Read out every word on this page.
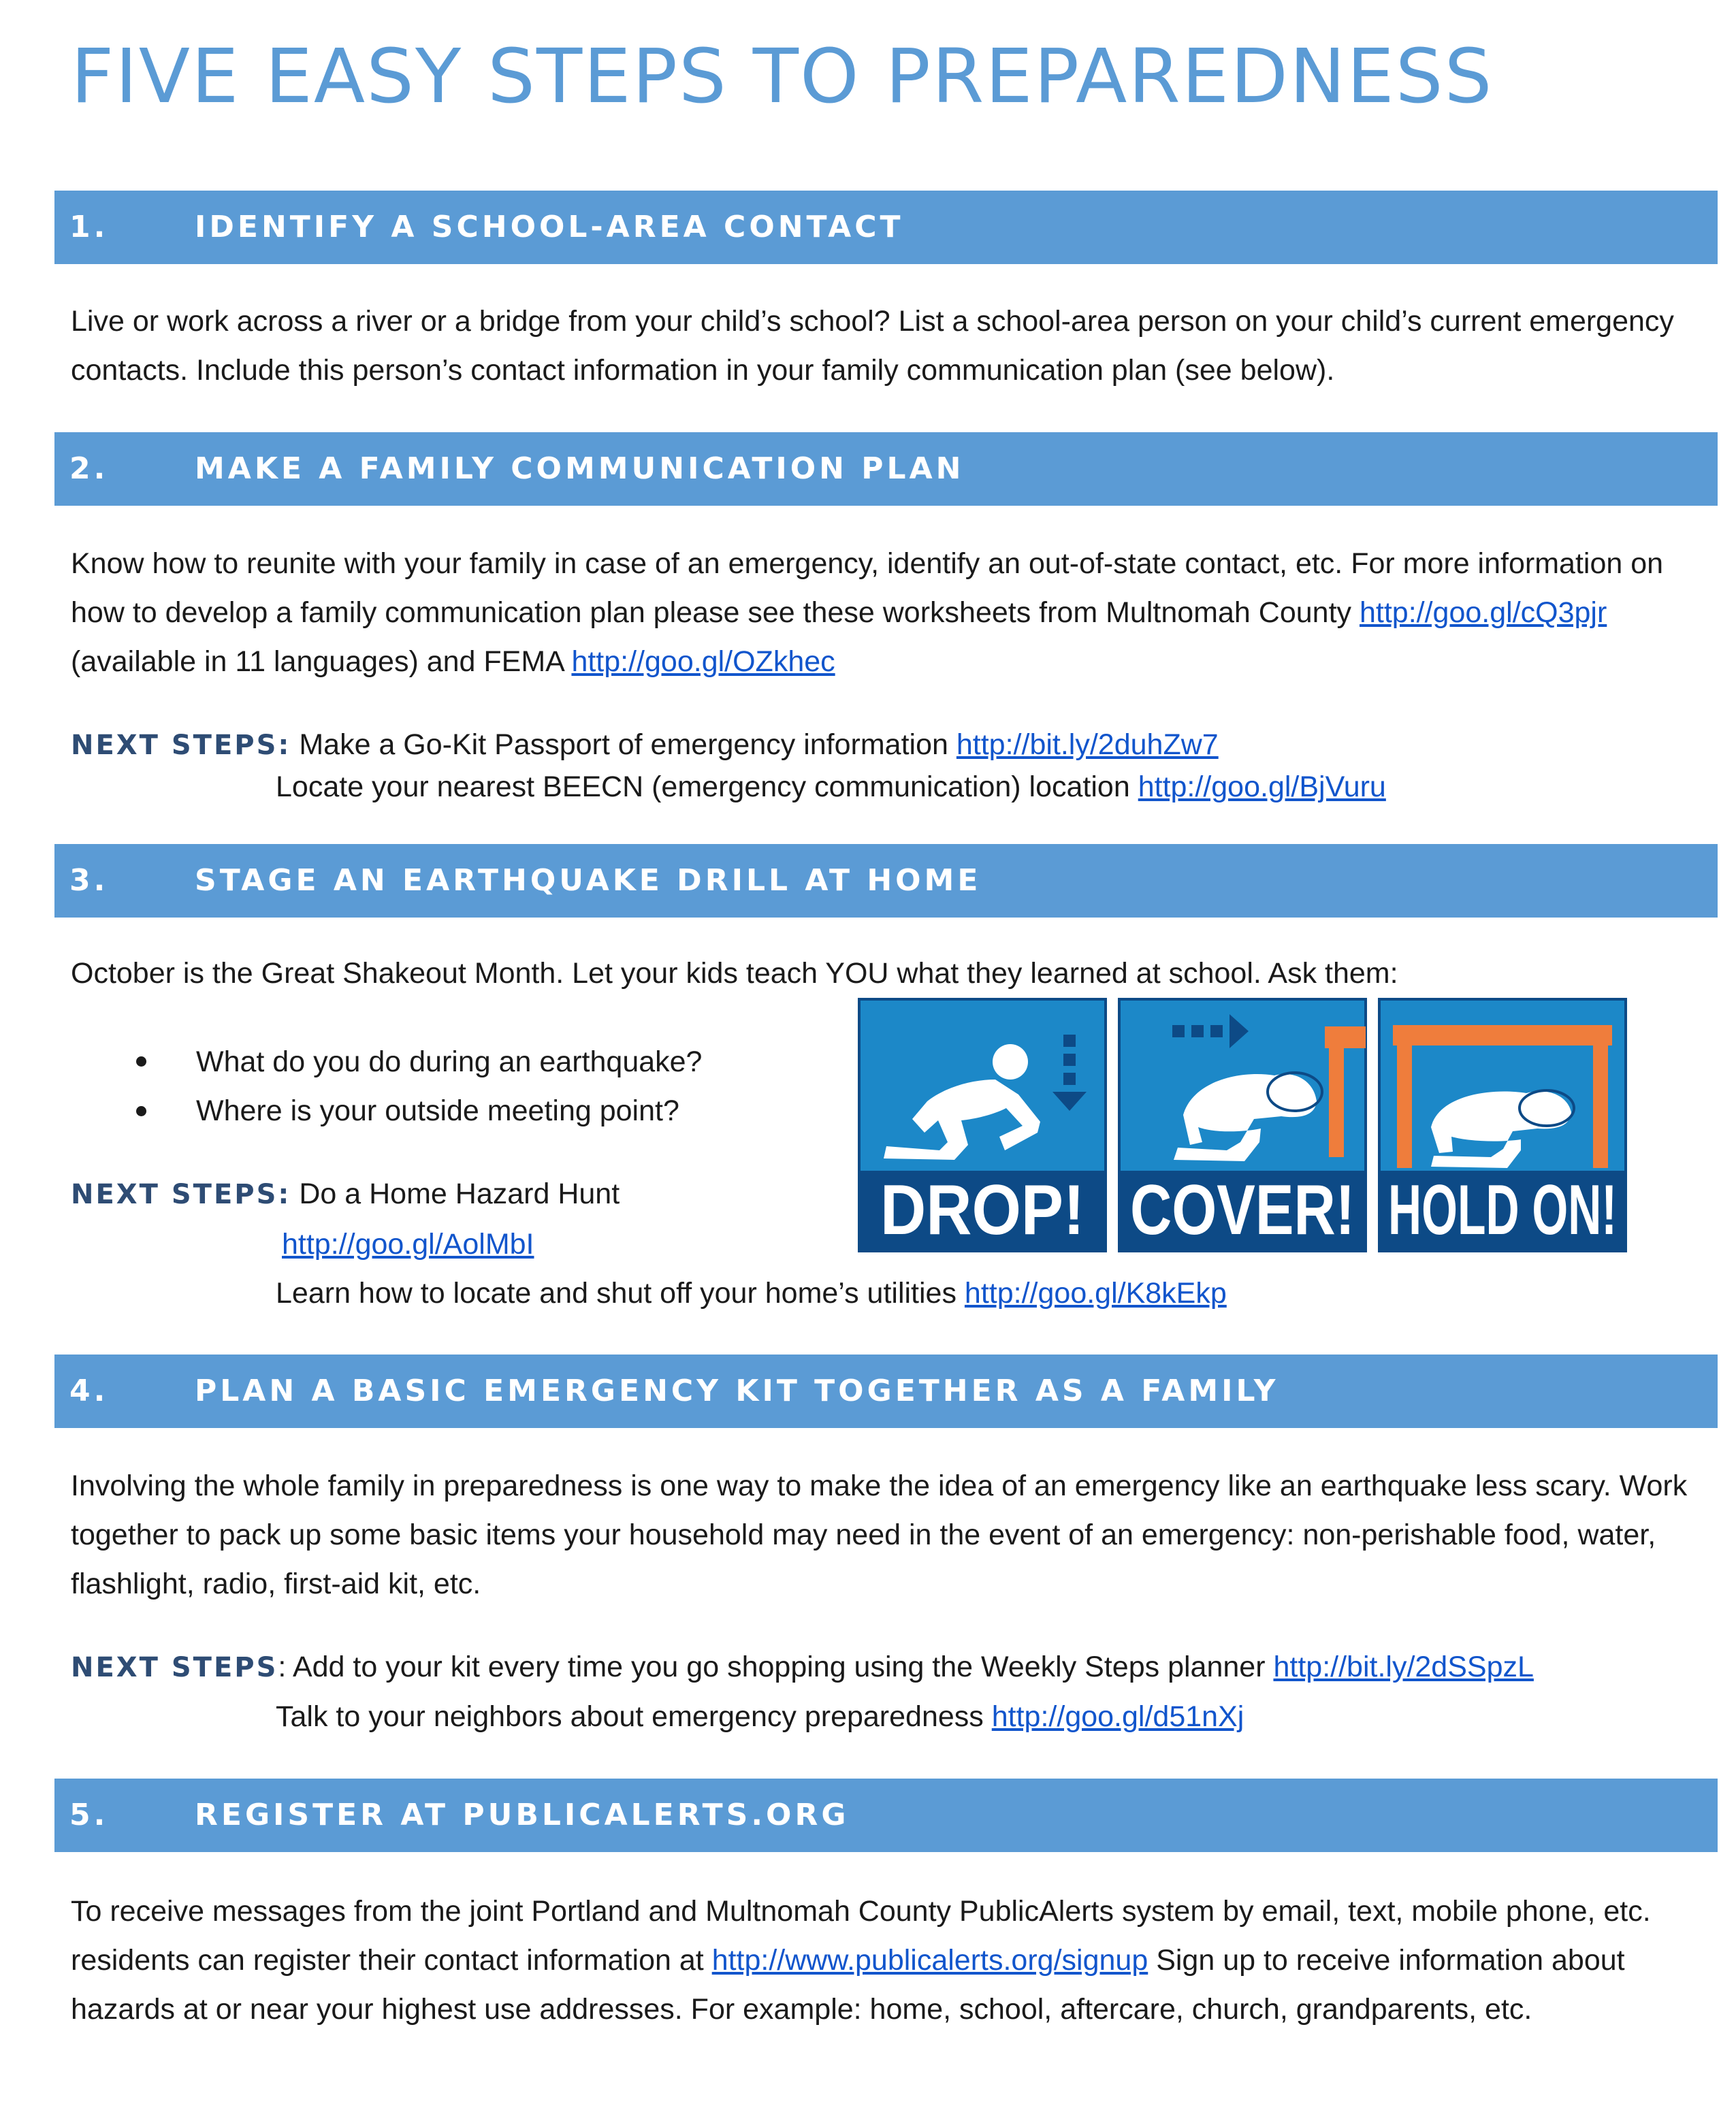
FIVE EASY STEPS TO PREPAREDNESS
1.	IDENTIFY A SCHOOL-AREA CONTACT

Live or work across a river or a bridge from your child’s school? List a school-area person on your child’s current emergency contacts. Include this person’s contact information in your family communication plan (see below).

2.	MAKE A FAMILY COMMUNICATION PLAN

Know how to reunite with your family in case of an emergency, identify an out-of-state contact, etc. For more information on how to develop a family communication plan please see these worksheets from Multnomah County http://goo.gl/cQ3pjr (available in 11 languages) and FEMA http://goo.gl/OZkhec

NEXT STEPS: Make a Go-Kit Passport of emergency information http://bit.ly/2duhZw7
Locate your nearest BEECN (emergency communication) location http://goo.gl/BjVuru
3.	STAGE AN EARTHQUAKE DRILL AT HOME
October is the Great Shakeout Month. Let your kids teach YOU what they learned at school. Ask them:
What do you do during an earthquake?
Where is your outside meeting point?
NEXT STEPS: Do a Home Hazard Hunt
http://goo.gl/AolMbI
Learn how to locate and shut off your home’s utilities http://goo.gl/K8kEkp
DROP! COVER! HOLD ON!
4.	PLAN A BASIC EMERGENCY KIT TOGETHER AS A FAMILY

Involving the whole family in preparedness is one way to make the idea of an emergency like an earthquake less scary. Work together to pack up some basic items your household may need in the event of an emergency: non-perishable food, water, flashlight, radio, first-aid kit, etc.

NEXT STEPS: Add to your kit every time you go shopping using the Weekly Steps planner http://bit.ly/2dSSpzL
Talk to your neighbors about emergency preparedness http://goo.gl/d51nXj
5.	REGISTER AT PUBLICALERTS.ORG

To receive messages from the joint Portland and Multnomah County PublicAlerts system by email, text, mobile phone, etc. residents can register their contact information at http://www.publicalerts.org/signup Sign up to receive information about hazards at or near your highest use addresses. For example: home, school, aftercare, church, grandparents, etc.
